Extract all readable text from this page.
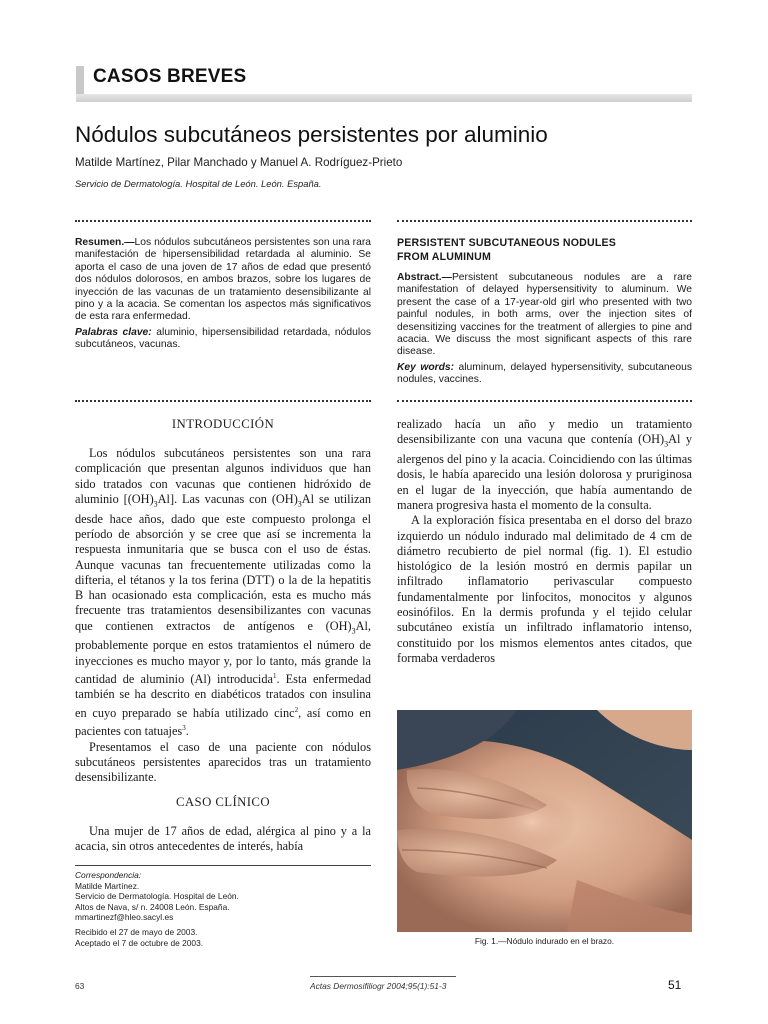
CASOS BREVES
Nódulos subcutáneos persistentes por aluminio
Matilde Martínez, Pilar Manchado y Manuel A. Rodríguez-Prieto
Servicio de Dermatología. Hospital de León. León. España.
Resumen.—Los nódulos subcutáneos persistentes son una rara manifestación de hipersensibilidad retardada al aluminio. Se aporta el caso de una joven de 17 años de edad que presentó dos nódulos dolorosos, en ambos brazos, sobre los lugares de inyección de las vacunas de un tratamiento desensibilizante al pino y a la acacia. Se comentan los aspectos más significativos de esta rara enfermedad.
Palabras clave: aluminio, hipersensibilidad retardada, nódulos subcutáneos, vacunas.
PERSISTENT SUBCUTANEOUS NODULES
FROM ALUMINUM
Abstract.—Persistent subcutaneous nodules are a rare manifestation of delayed hypersensitivity to aluminum. We present the case of a 17-year-old girl who presented with two painful nodules, in both arms, over the injection sites of desensitizing vaccines for the treatment of allergies to pine and acacia. We discuss the most significant aspects of this rare disease.
Key words: aluminum, delayed hypersensitivity, subcutaneous nodules, vaccines.
INTRODUCCIÓN

Los nódulos subcutáneos persistentes son una rara complicación que presentan algunos individuos que han sido tratados con vacunas que contienen hidróxido de aluminio $[(OH)_3Al]$. Las vacunas con $(OH)_3Al$ se utilizan desde hace años, dado que este compuesto prolonga el período de absorción y se cree que así se incrementa la respuesta inmunitaria que se busca con el uso de éstas. Aunque vacunas tan frecuentemente utilizadas como la difteria, el tétanos y la tos ferina (DTT) o la de la hepatitis B han ocasionado esta complicación, esta es mucho más frecuente tras tratamientos desensibilizantes con vacunas que contienen extractos de antígenos e $(OH)_3Al$, probablemente porque en estos tratamientos el número de inyecciones es mucho mayor y, por lo tanto, más grande la cantidad de aluminio (Al) introducida$^1$. Esta enfermedad también se ha descrito en diabéticos tratados con insulina en cuyo preparado se había utilizado cinc$^2$, así como en pacientes con tatuajes$^3$.

Presentamos el caso de una paciente con nódulos subcutáneos persistentes aparecidos tras un tratamiento desensibilizante.

CASO CLÍNICO

Una mujer de 17 años de edad, alérgica al pino y a la acacia, sin otros antecedentes de interés, había

Correspondencia:
Matilde Martínez.
Servicio de Dermatología. Hospital de León.
Altos de Nava, s/ n. 24008 León. España.
mmartinezf@hleo.sacyl.es
Recibido el 27 de mayo de 2003.
Aceptado el 7 de octubre de 2003.

realizado hacía un año y medio un tratamiento desensibilizante con una vacuna que contenía $(OH)_3Al$ y alergenos del pino y la acacia. Coincidiendo con las últimas dosis, le había aparecido una lesión dolorosa y pruriginosa en el lugar de la inyección, que había aumentando de manera progresiva hasta el momento de la consulta.

A la exploración física presentaba en el dorso del brazo izquierdo un nódulo indurado mal delimitado de 4 cm de diámetro recubierto de piel normal (fig. 1). El estudio histológico de la lesión mostró en dermis papilar un infiltrado inflamatorio perivascular compuesto fundamentalmente por linfocitos, monocitos y algunos eosinófilos. En la dermis profunda y el tejido celular subcutáneo existía un infiltrado inflamatorio intenso, constituido por los mismos elementos antes citados, que formaba verdaderos

Fig. 1.—Nódulo indurado en el brazo.
63	Actas Dermosifiliogr 2004;95(1):51-3	51
